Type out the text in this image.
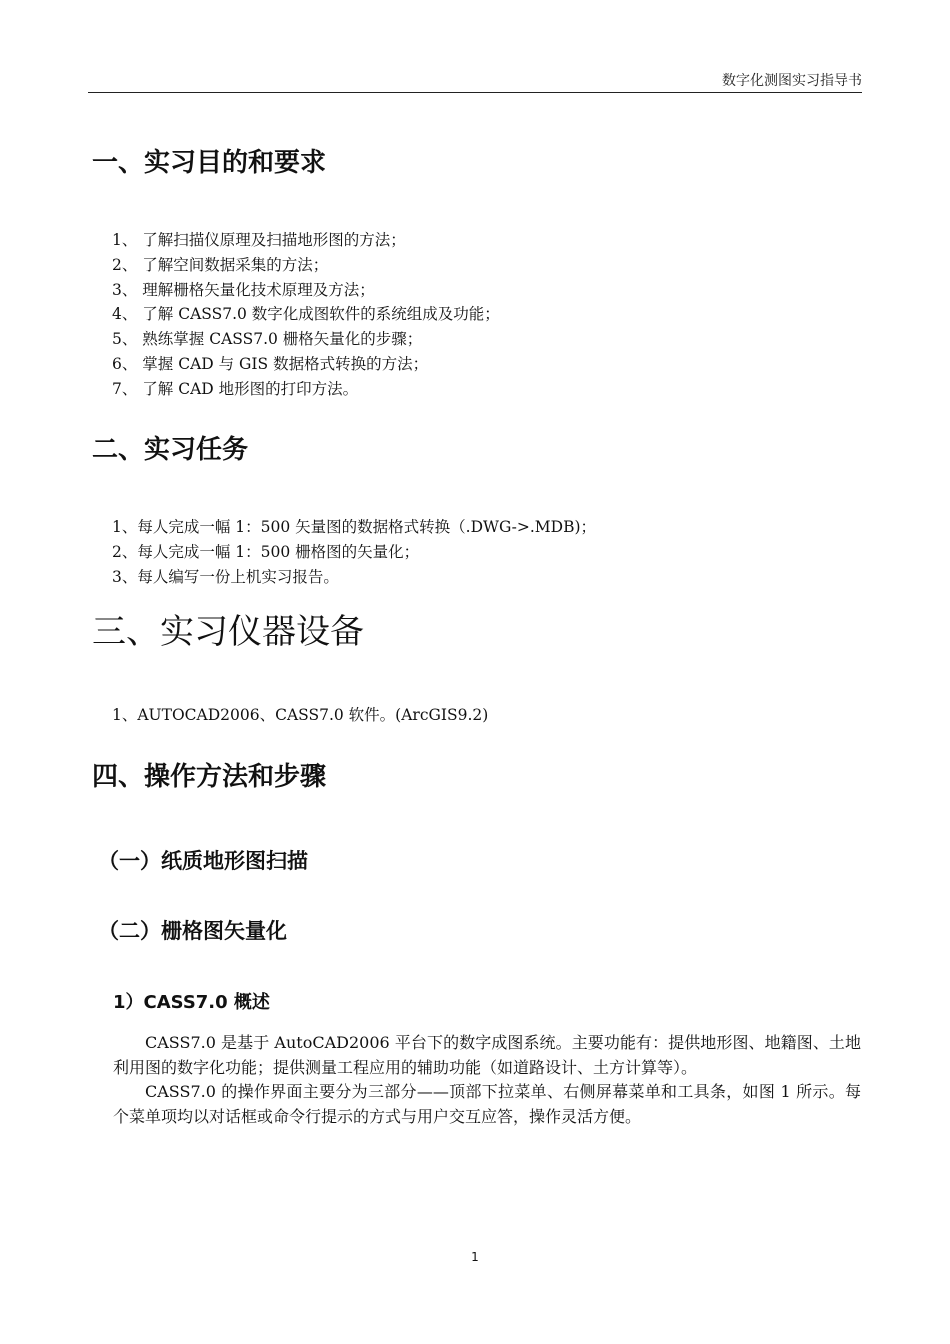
数字化测图实习指导书
一、实习目的和要求
1、 了解扫描仪原理及扫描地形图的方法；
2、 了解空间数据采集的方法；
3、 理解栅格矢量化技术原理及方法；
4、 了解 CASS7.0 数字化成图软件的系统组成及功能；
5、 熟练掌握 CASS7.0 栅格矢量化的步骤；
6、 掌握 CAD 与 GIS 数据格式转换的方法；
7、 了解 CAD 地形图的打印方法。
二、实习任务
1、每人完成一幅 1：500 矢量图的数据格式转换（.DWG->.MDB)；
2、每人完成一幅 1：500 栅格图的矢量化；
3、每人编写一份上机实习报告。
三、实习仪器设备
1、AUTOCAD2006、CASS7.0 软件。(ArcGIS9.2)
四、操作方法和步骤
（一）纸质地形图扫描
（二）栅格图矢量化
1）CASS7.0 概述

CASS7.0 是基于 AutoCAD2006 平台下的数字成图系统。主要功能有：提供地形图、地籍图、土地利用图的数字化功能；提供测量工程应用的辅助功能（如道路设计、土方计算等）。

CASS7.0 的操作界面主要分为三部分——顶部下拉菜单、右侧屏幕菜单和工具条，如图 1 所示。每个菜单项均以对话框或命令行提示的方式与用户交互应答，操作灵活方便。

1
